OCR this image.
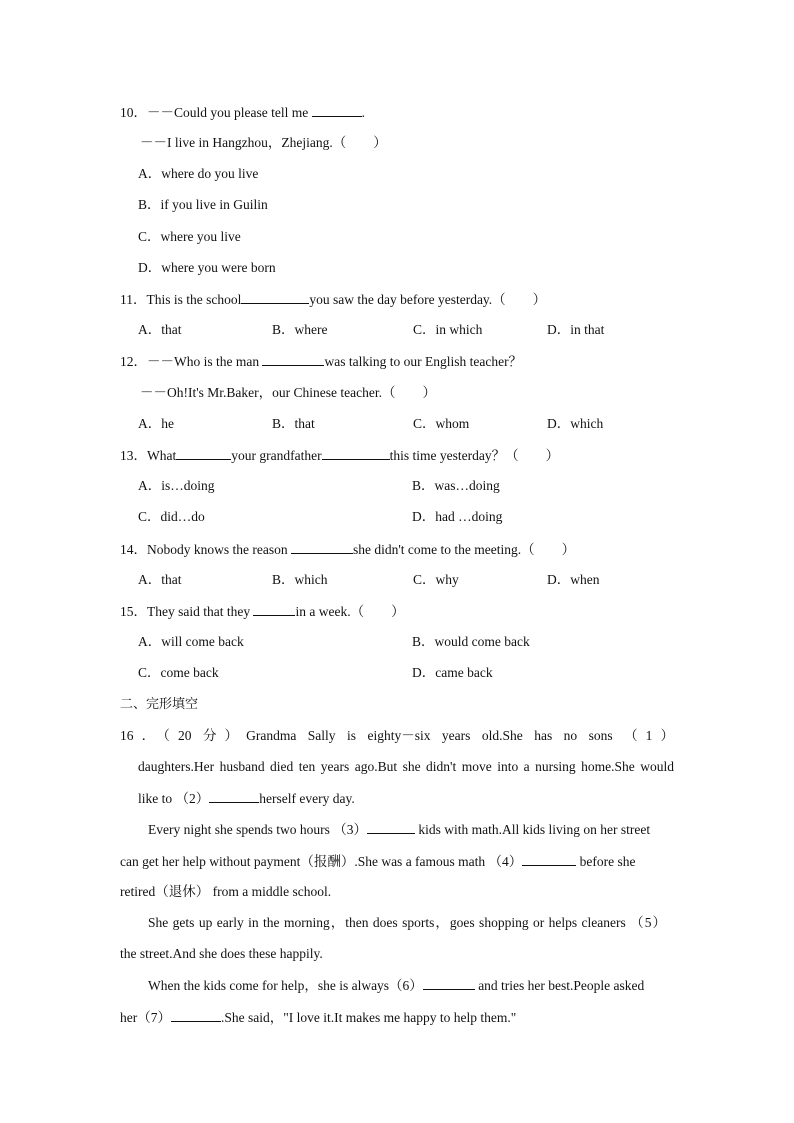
10．－－Could you please tell me	.
－－I live in Hangzhou，Zhejiang.（　　）
A．where do you live
B．if you live in Guilin
C．where you live
D．where you were born
11．This is the school	you saw the day before yesterday.（　　）
A．that	B．where	C．in which	D．in that
12．－－Who is the man	was talking to our English teacher？
－－Oh!It's Mr.Baker，our Chinese teacher.（　　）
A．he	B．that	C．whom	D．which
13．What	your grandfather	this time yesterday？（　　）
A．is…doing	B．was…doing
C．did…do	D．had …doing
14．Nobody knows the reason	she didn't come to the meeting.（　　）
A．that	B．which	C．why	D．when
15．They said that they	in a week.（　　）
A．will come back	B．would come back
C．come back	D．came back
二、完形填空
16．（20 分）Grandma Sally is eighty－six years old.She has no sons （1）
daughters.Her husband died ten years ago.But she didn't move into a nursing home.She would
like to （2）	herself every day.
Every night she spends two hours （3）	kids with math.All kids living on her street
can get her help without payment（报酬）.She was a famous math （4）	before she
retired（退休） from a middle school.
She gets up early in the morning，then does sports，goes shopping or helps cleaners （5）
the street.And she does these happily.
When the kids come for help，she is always（6）	and tries her best.People asked
her（7）	.She said，"I love it.It makes me happy to help them."
